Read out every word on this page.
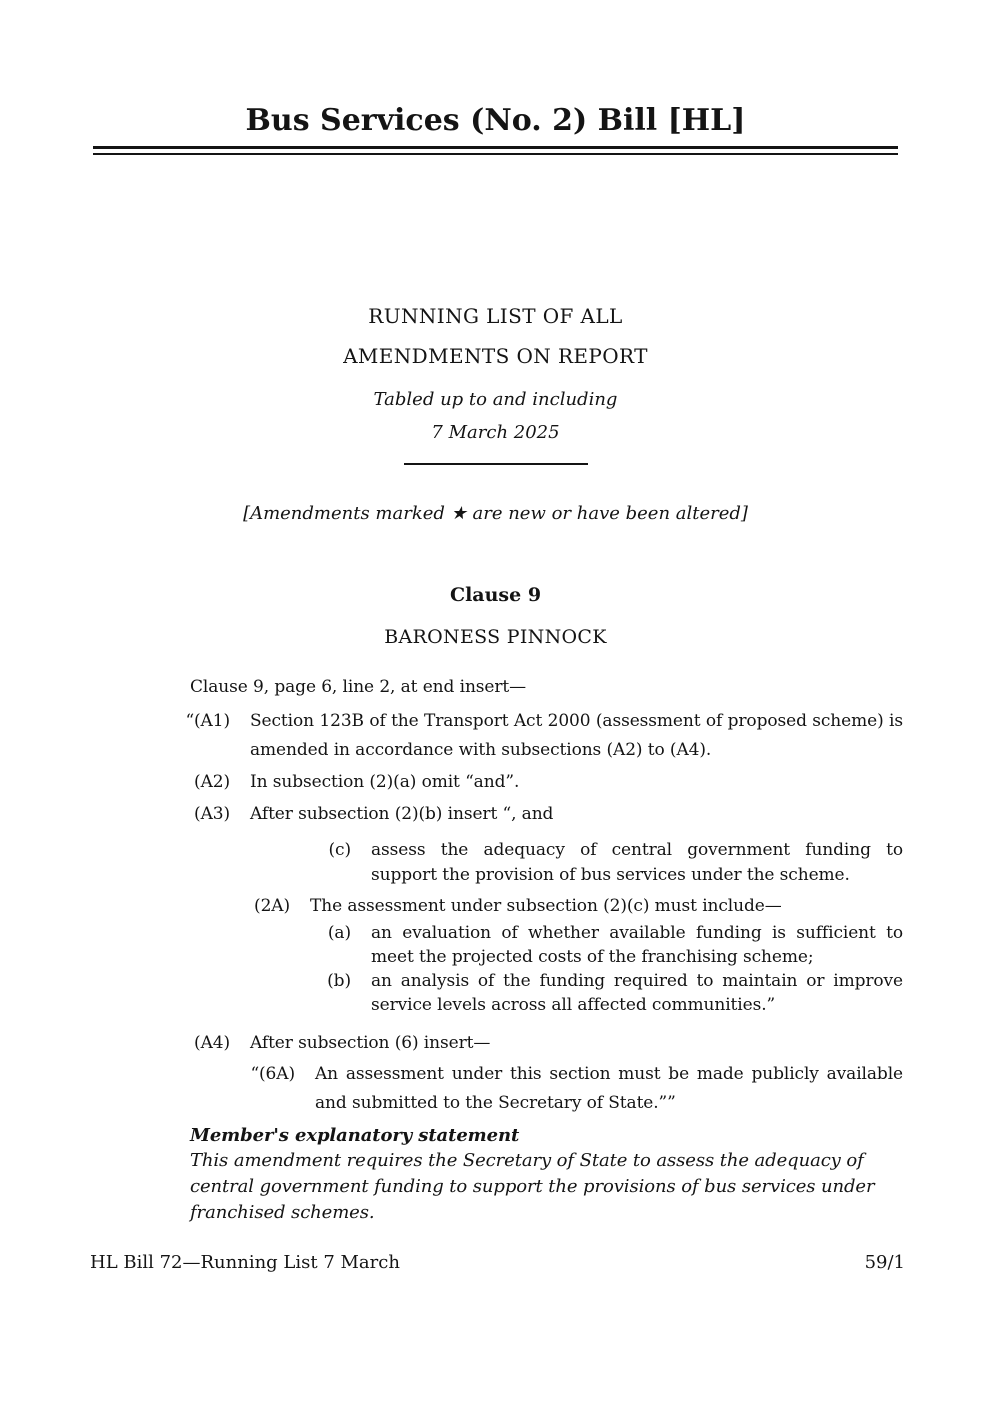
Bus Services (No. 2) Bill [HL]
RUNNING LIST OF ALL
AMENDMENTS ON REPORT
Tabled up to and including
7 March 2025
[Amendments marked ★ are new or have been altered]
Clause 9
BARONESS PINNOCK
Clause 9, page 6, line 2, at end insert—
“(A1)	Section 123B of the Transport Act 2000 (assessment of proposed scheme) is amended in accordance with subsections (A2) to (A4).
(A2)	In subsection (2)(a) omit “and”.
(A3)	After subsection (2)(b) insert “, and
(c)	assess the adequacy of central government funding to support the provision of bus services under the scheme.
(2A)	The assessment under subsection (2)(c) must include—
(a)	an evaluation of whether available funding is sufficient to meet the projected costs of the franchising scheme;
(b)	an analysis of the funding required to maintain or improve service levels across all affected communities.”
(A4)	After subsection (6) insert—
“(6A)	An assessment under this section must be made publicly available and submitted to the Secretary of State.””
Member's explanatory statement
This amendment requires the Secretary of State to assess the adequacy of central government funding to support the provisions of bus services under franchised schemes.
HL Bill 72—Running List 7 March	59/1
